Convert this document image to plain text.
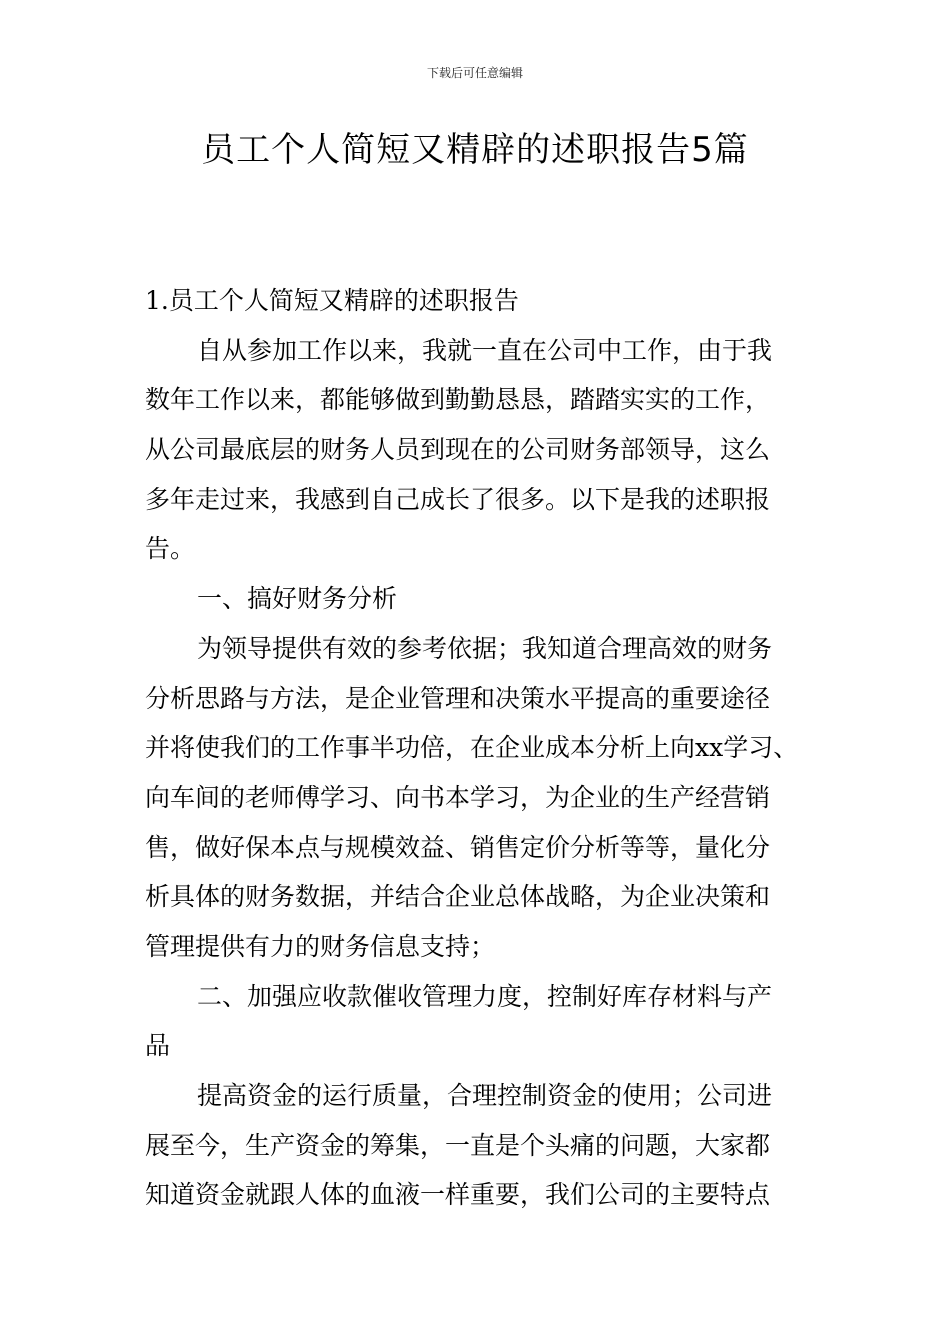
下载后可任意编辑
员工个人简短又精辟的述职报告5篇
1.员工个人简短又精辟的述职报告
自从参加工作以来，我就一直在公司中工作，由于我
数年工作以来，都能够做到勤勤恳恳，踏踏实实的工作，
从公司最底层的财务人员到现在的公司财务部领导，这么
多年走过来，我感到自己成长了很多。以下是我的述职报
告。
一、搞好财务分析
为领导提供有效的参考依据；我知道合理高效的财务
分析思路与方法，是企业管理和决策水平提高的重要途径
并将使我们的工作事半功倍，在企业成本分析上向xx学习、
向车间的老师傅学习、向书本学习，为企业的生产经营销
售，做好保本点与规模效益、销售定价分析等等，量化分
析具体的财务数据，并结合企业总体战略，为企业决策和
管理提供有力的财务信息支持；
二、加强应收款催收管理力度，控制好库存材料与产
品
提高资金的运行质量，合理控制资金的使用；公司进
展至今，生产资金的筹集，一直是个头痛的问题，大家都
知道资金就跟人体的血液一样重要，我们公司的主要特点
